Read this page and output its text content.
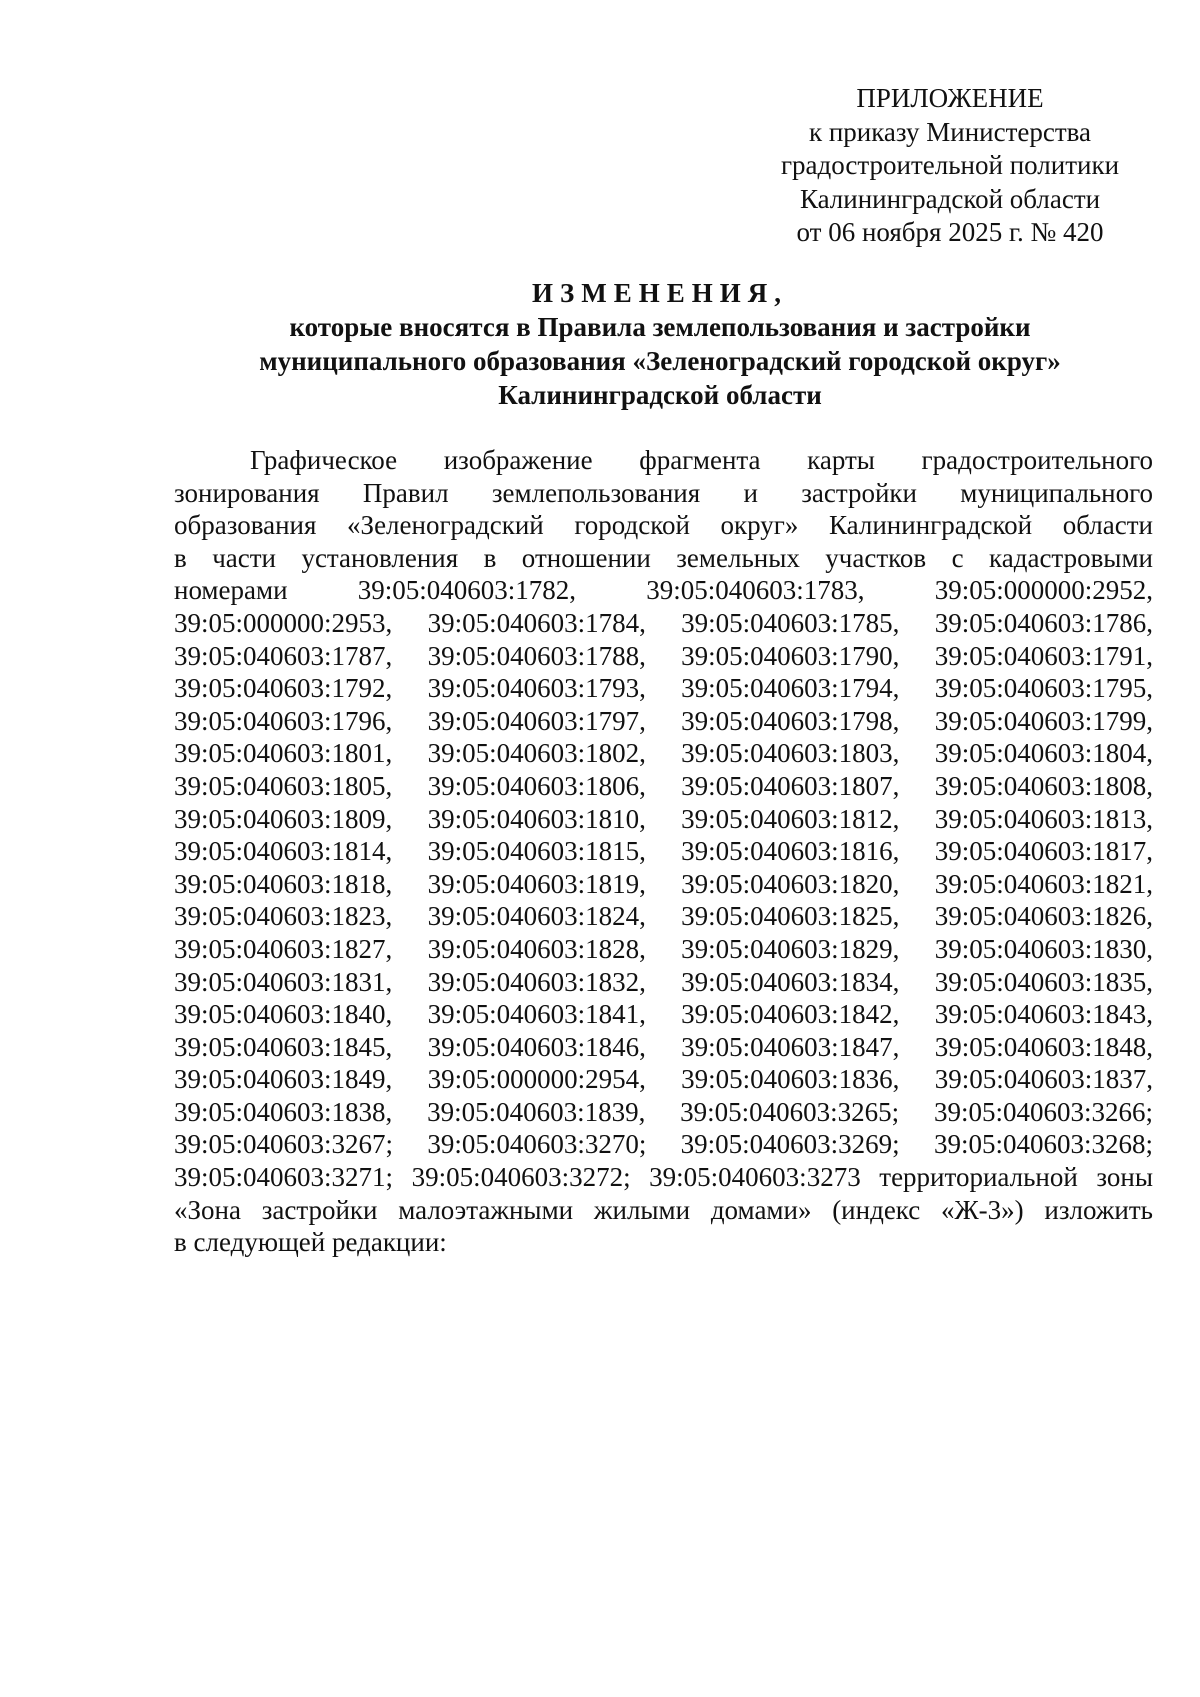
ПРИЛОЖЕНИЕ
к приказу Министерства
градостроительной политики
Калининградской области
от 06 ноября 2025 г. № 420
ИЗМЕНЕНИЯ,
которые вносятся в Правила землепользования и застройки
муниципального образования «Зеленоградский городской округ»
Калининградской области
Графическое изображение фрагмента карты градостроительного
зонирования Правил землепользования и застройки муниципального
образования «Зеленоградский городской округ» Калининградской области
в части установления в отношении земельных участков с кадастровыми
номерами	39:05:040603:1782,	39:05:040603:1783,	39:05:000000:2952,
39:05:000000:2953, 39:05:040603:1784, 39:05:040603:1785, 39:05:040603:1786,
39:05:040603:1787, 39:05:040603:1788, 39:05:040603:1790, 39:05:040603:1791,
39:05:040603:1792, 39:05:040603:1793, 39:05:040603:1794, 39:05:040603:1795,
39:05:040603:1796, 39:05:040603:1797, 39:05:040603:1798, 39:05:040603:1799,
39:05:040603:1801, 39:05:040603:1802, 39:05:040603:1803, 39:05:040603:1804,
39:05:040603:1805, 39:05:040603:1806, 39:05:040603:1807, 39:05:040603:1808,
39:05:040603:1809, 39:05:040603:1810, 39:05:040603:1812, 39:05:040603:1813,
39:05:040603:1814, 39:05:040603:1815, 39:05:040603:1816, 39:05:040603:1817,
39:05:040603:1818, 39:05:040603:1819, 39:05:040603:1820, 39:05:040603:1821,
39:05:040603:1823, 39:05:040603:1824, 39:05:040603:1825, 39:05:040603:1826,
39:05:040603:1827, 39:05:040603:1828, 39:05:040603:1829, 39:05:040603:1830,
39:05:040603:1831, 39:05:040603:1832, 39:05:040603:1834, 39:05:040603:1835,
39:05:040603:1840, 39:05:040603:1841, 39:05:040603:1842, 39:05:040603:1843,
39:05:040603:1845, 39:05:040603:1846, 39:05:040603:1847, 39:05:040603:1848,
39:05:040603:1849, 39:05:000000:2954, 39:05:040603:1836, 39:05:040603:1837,
39:05:040603:1838, 39:05:040603:1839, 39:05:040603:3265; 39:05:040603:3266;
39:05:040603:3267; 39:05:040603:3270; 39:05:040603:3269; 39:05:040603:3268;
39:05:040603:3271; 39:05:040603:3272; 39:05:040603:3273 территориальной зоны
«Зона застройки малоэтажными жилыми домами» (индекс «Ж-3») изложить
в следующей редакции:
